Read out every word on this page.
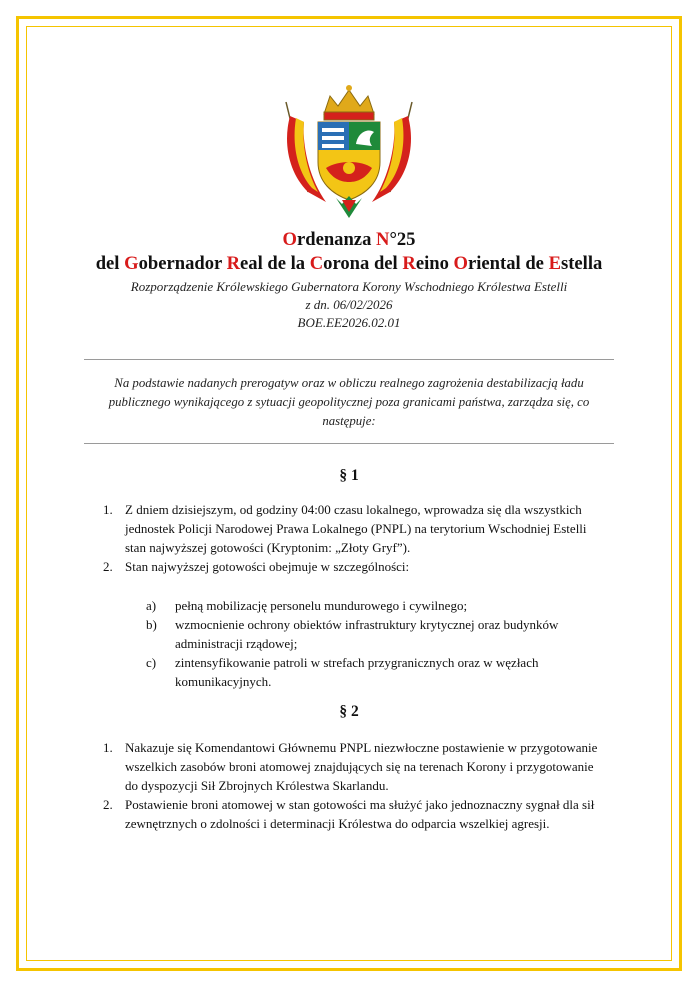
Ordenanza N°25
del Gobernador Real de la Corona del Reino Oriental de Estella
Rozporządzenie Królewskiego Gubernatora Korony Wschodniego Królestwa Estelli
z dn. 06/02/2026
BOE.EE2026.02.01
Na podstawie nadanych prerogatyw oraz w obliczu realnego zagrożenia destabilizacją ładu publicznego wynikającego z sytuacji geopolitycznej poza granicami państwa, zarządza się, co następuje:
§ 1
1. Z dniem dzisiejszym, od godziny 04:00 czasu lokalnego, wprowadza się dla wszystkich jednostek Policji Narodowej Prawa Lokalnego (PNPL) na terytorium Wschodniej Estelli stan najwyższej gotowości (Kryptonim: „Złoty Gryf”).
2. Stan najwyższej gotowości obejmuje w szczególności:
a) pełną mobilizację personelu mundurowego i cywilnego;
b) wzmocnienie ochrony obiektów infrastruktury krytycznej oraz budynków administracji rządowej;
c) zintensyfikowanie patroli w strefach przygranicznych oraz w węzłach komunikacyjnych.
§ 2
1. Nakazuje się Komendantowi Głównemu PNPL niezwłoczne postawienie w przygotowanie wszelkich zasobów broni atomowej znajdujących się na terenach Korony i przygotowanie do dyspozycji Sił Zbrojnych Królestwa Skarlandu.
2. Postawienie broni atomowej w stan gotowości ma służyć jako jednoznaczny sygnał dla sił zewnętrznych o zdolności i determinacji Królestwa do odparcia wszelkiej agresji.
